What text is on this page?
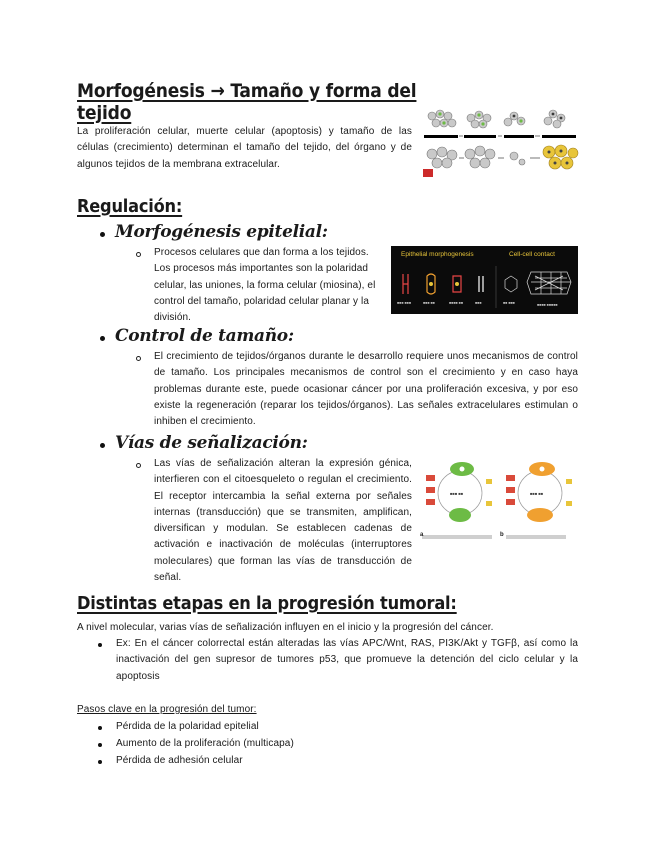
Morfogénesis → Tamaño y forma del tejido
La proliferación celular, muerte celular (apoptosis) y tamaño de las células (crecimiento) determinan el tamaño del tejido, del órgano y de algunos tejidos de la membrana extracelular.
Regulación:
Morfogénesis epitelial:
Procesos celulares que dan forma a los tejidos. Los procesos más importantes son la polaridad celular, las uniones, la forma celular (miosina), el control del tamaño, polaridad celular planar y la división.
Epithelial morphogenesis	Cell-cell contact
■■■ ■■■	■■■ ■■	■■■■ ■■	■■■	■■ ■■■	■■■■ ■■■■■
Control de tamaño:
El crecimiento de tejidos/órganos durante le desarrollo requiere unos mecanismos de control de tamaño. Los principales mecanismos de control son el crecimiento y en caso haya problemas durante este, puede ocasionar cáncer por una proliferación excesiva, y por eso existe la regeneración (reparar los tejidos/órganos). Las señales extracelulares estimulan o inhiben el crecimiento.
Vías de señalización:
Las vías de señalización alteran la expresión génica, interfieren con el citoesqueleto o regulan el crecimiento. El receptor intercambia la señal externa por señales internas (transducción) que se transmiten, amplifican, diversifican y modulan. Se establecen cadenas de activación e inactivación de moléculas (interruptores moleculares) que forman las vías de transducción de señal.
■■■ ■■	■■■ ■■
a	b
Distintas etapas en la progresión tumoral:
A nivel molecular, varias vías de señalización influyen en el inicio y la progresión del cáncer.
Ex: En el cáncer colorrectal están alteradas las vías APC/Wnt, RAS, PI3K/Akt y TGFβ, así como la inactivación del gen supresor de tumores p53, que promueve la detención del ciclo celular y la apoptosis
Pasos clave en la progresión del tumor:
Pérdida de la polaridad epitelial
Aumento de la proliferación (multicapa)
Pérdida de adhesión celular
